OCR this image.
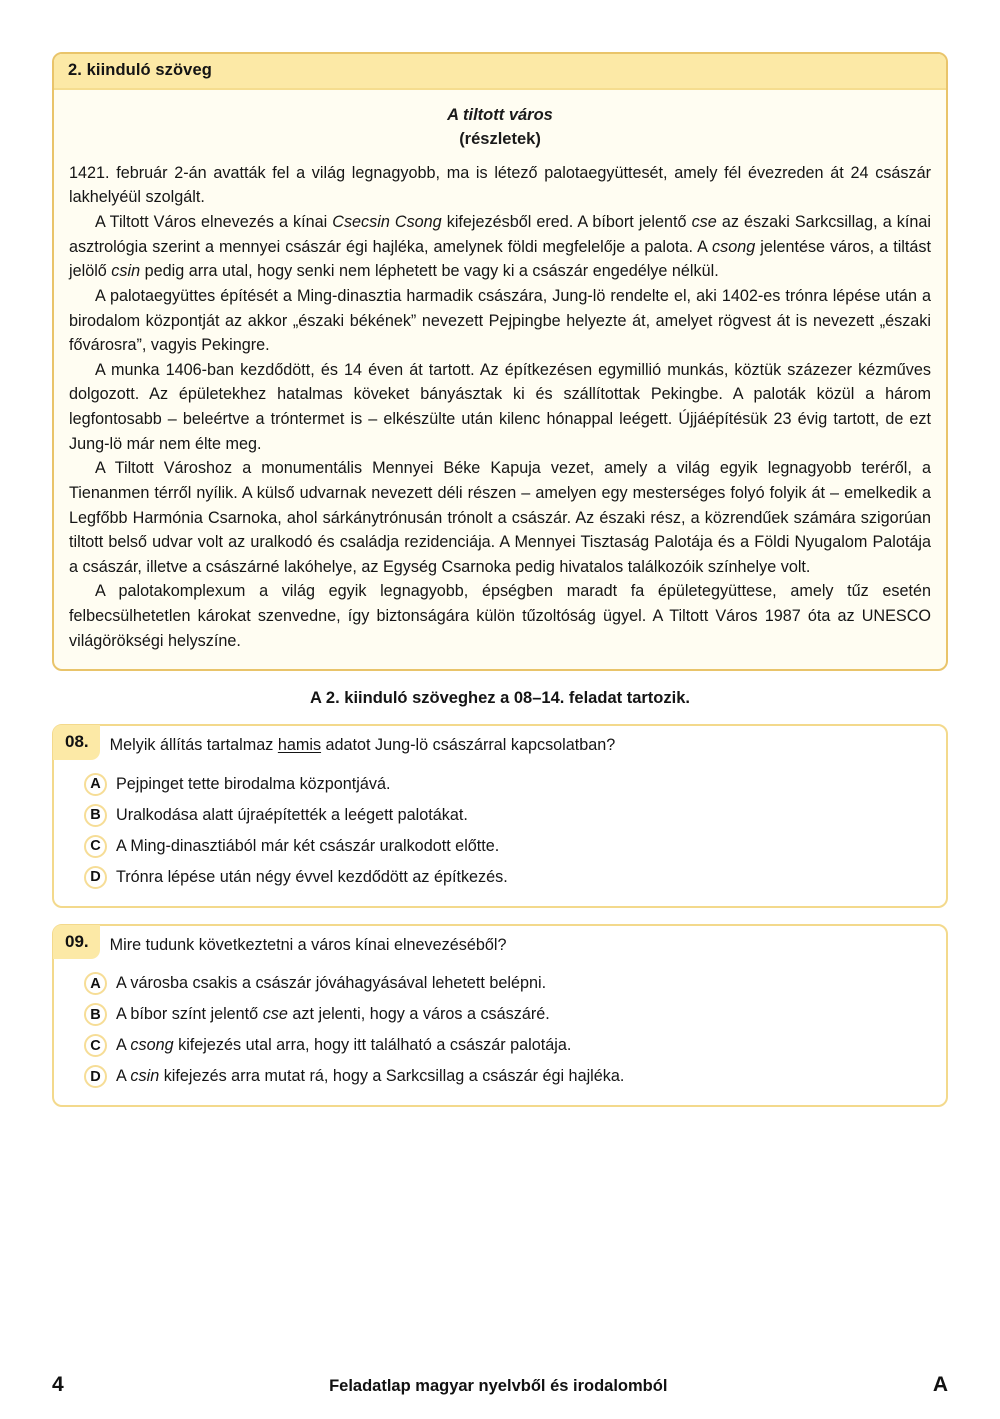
2. kiinduló szöveg
A tiltott város
(részletek)

1421. február 2-án avatták fel a világ legnagyobb, ma is létező palotaegyüttesét, amely fél évezreden át 24 császár lakhelyéül szolgált.

A Tiltott Város elnevezés a kínai Csecsin Csong kifejezésből ered. A bíbort jelentő cse az északi Sarkcsillag, a kínai asztrológia szerint a mennyei császár égi hajléka, amelynek földi megfelelője a palota. A csong jelentése város, a tiltást jelölő csin pedig arra utal, hogy senki nem léphetett be vagy ki a császár engedélye nélkül.

A palotaegyüttes építését a Ming-dinasztia harmadik császára, Jung-lö rendelte el, aki 1402-es trónra lépése után a birodalom központját az akkor „északi békének” nevezett Pejpingbe helyezte át, amelyet rögvest át is nevezett „északi fővárosra”, vagyis Pekingre.

A munka 1406-ban kezdődött, és 14 éven át tartott. Az építkezésen egymillió munkás, köztük százezer kézműves dolgozott. Az épületekhez hatalmas köveket bányásztak ki és szállítottak Pekingbe. A paloták közül a három legfontosabb – beleértve a tróntermet is – elkészülte után kilenc hónappal leégett. Újjáépítésük 23 évig tartott, de ezt Jung-lö már nem élte meg.

A Tiltott Városhoz a monumentális Mennyei Béke Kapuja vezet, amely a világ egyik legnagyobb teréről, a Tienanmen térről nyílik. A külső udvarnak nevezett déli részen – amelyen egy mesterséges folyó folyik át – emelkedik a Legfőbb Harmónia Csarnoka, ahol sárkánytrónusán trónolt a császár. Az északi rész, a közrendűek számára szigorúan tiltott belső udvar volt az uralkodó és családja rezidenciája. A Mennyei Tisztaság Palotája és a Földi Nyugalom Palotája a császár, illetve a császárné lakóhelye, az Egység Csarnoka pedig hivatalos találkozóik színhelye volt.

A palotakomplexum a világ egyik legnagyobb, épségben maradt fa épületegyüttese, amely tűz esetén felbecsülhetetlen károkat szenvedne, így biztonságára külön tűzoltóság ügyel. A Tiltott Város 1987 óta az UNESCO világörökségi helyszíne.

A 2. kiinduló szöveghez a 08–14. feladat tartozik.
08.	Melyik állítás tartalmaz hamis adatot Jung-lö császárral kapcsolatban?
A Pejpinget tette birodalma központjává.
B Uralkodása alatt újraépítették a leégett palotákat.
C A Ming-dinasztiából már két császár uralkodott előtte.
D Trónra lépése után négy évvel kezdődött az építkezés.
09.	Mire tudunk következtetni a város kínai elnevezéséből?
A A városba csakis a császár jóváhagyásával lehetett belépni.
B A bíbor színt jelentő cse azt jelenti, hogy a város a császáré.
C A csong kifejezés utal arra, hogy itt található a császár palotája.
D A csin kifejezés arra mutat rá, hogy a Sarkcsillag a császár égi hajléka.
4	Feladatlap magyar nyelvből és irodalomból	A
